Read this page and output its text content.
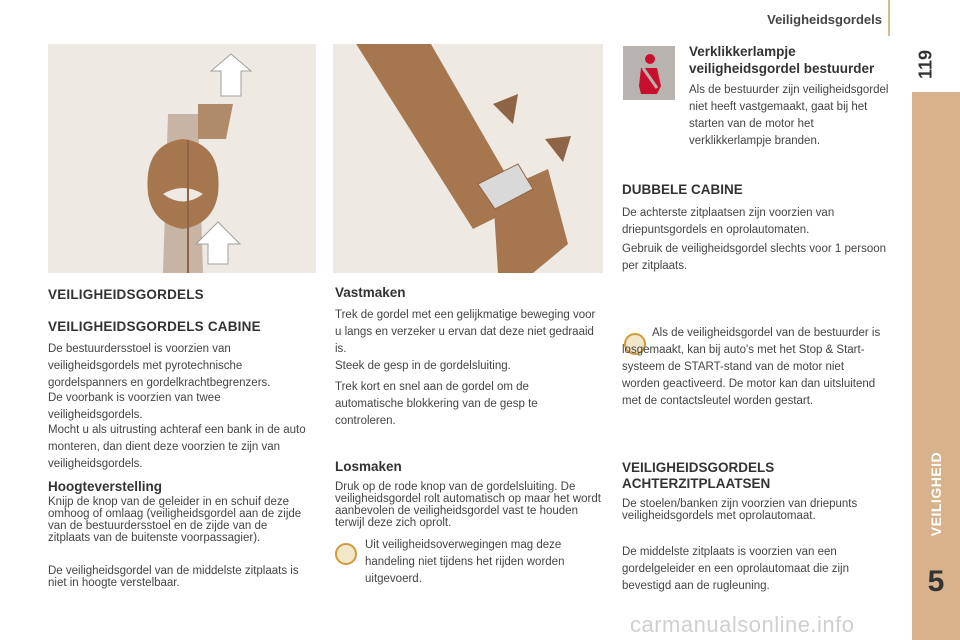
Veiligheidsgordels
119
VEILIGHEID
5
VEILIGHEIDSGORDELS
VEILIGHEIDSGORDELS CABINE

De bestuurdersstoel is voorzien van veiligheidsgordels met pyrotechnische gordelspanners en gordelkrachtbegrenzers.

De voorbank is voorzien van twee veiligheidsgordels.

Mocht u als uitrusting achteraf een bank in de auto monteren, dan dient deze voorzien te zijn van veiligheidsgordels.

Hoogteverstelling

Knijp de knop van de geleider in en schuif deze omhoog of omlaag (veiligheidsgordel aan de zijde van de bestuurdersstoel en de zijde van de zitplaats van de buitenste voorpassagier).

De veiligheidsgordel van de middelste zitplaats is niet in hoogte verstelbaar.

Vastmaken

Trek de gordel met een gelijkmatige beweging voor u langs en verzeker u ervan dat deze niet gedraaid is.

Steek de gesp in de gordelsluiting.

Trek kort en snel aan de gordel om de automatische blokkering van de gesp te controleren.

Losmaken

Druk op de rode knop van de gordelsluiting. De veiligheidsgordel rolt automatisch op maar het wordt aanbevolen de veiligheidsgordel vast te houden terwijl deze zich oprolt.

Uit veiligheidsoverwegingen mag deze handeling niet tijdens het rijden worden uitgevoerd.

Verklikkerlampje
veiligheidsgordel bestuurder

Als de bestuurder zijn veiligheidsgordel niet heeft vastgemaakt, gaat bij het starten van de motor het verklikkerlampje branden.

DUBBELE CABINE

De achterste zitplaatsen zijn voorzien van driepuntsgordels en oprolautomaten.

Gebruik de veiligheidsgordel slechts voor 1 persoon per zitplaats.

Als de veiligheidsgordel van de bestuurder is losgemaakt, kan bij auto's met het Stop & Start-systeem de START-stand van de motor niet worden geactiveerd. De motor kan dan uitsluitend met de contactsleutel worden gestart.

VEILIGHEIDSGORDELS
ACHTERZITPLAATSEN

De stoelen/banken zijn voorzien van driepunts veiligheidsgordels met oprolautomaat.

De middelste zitplaats is voorzien van een gordelgeleider en een oprolautomaat die zijn bevestigd aan de rugleuning.

carmanualsonline.info
